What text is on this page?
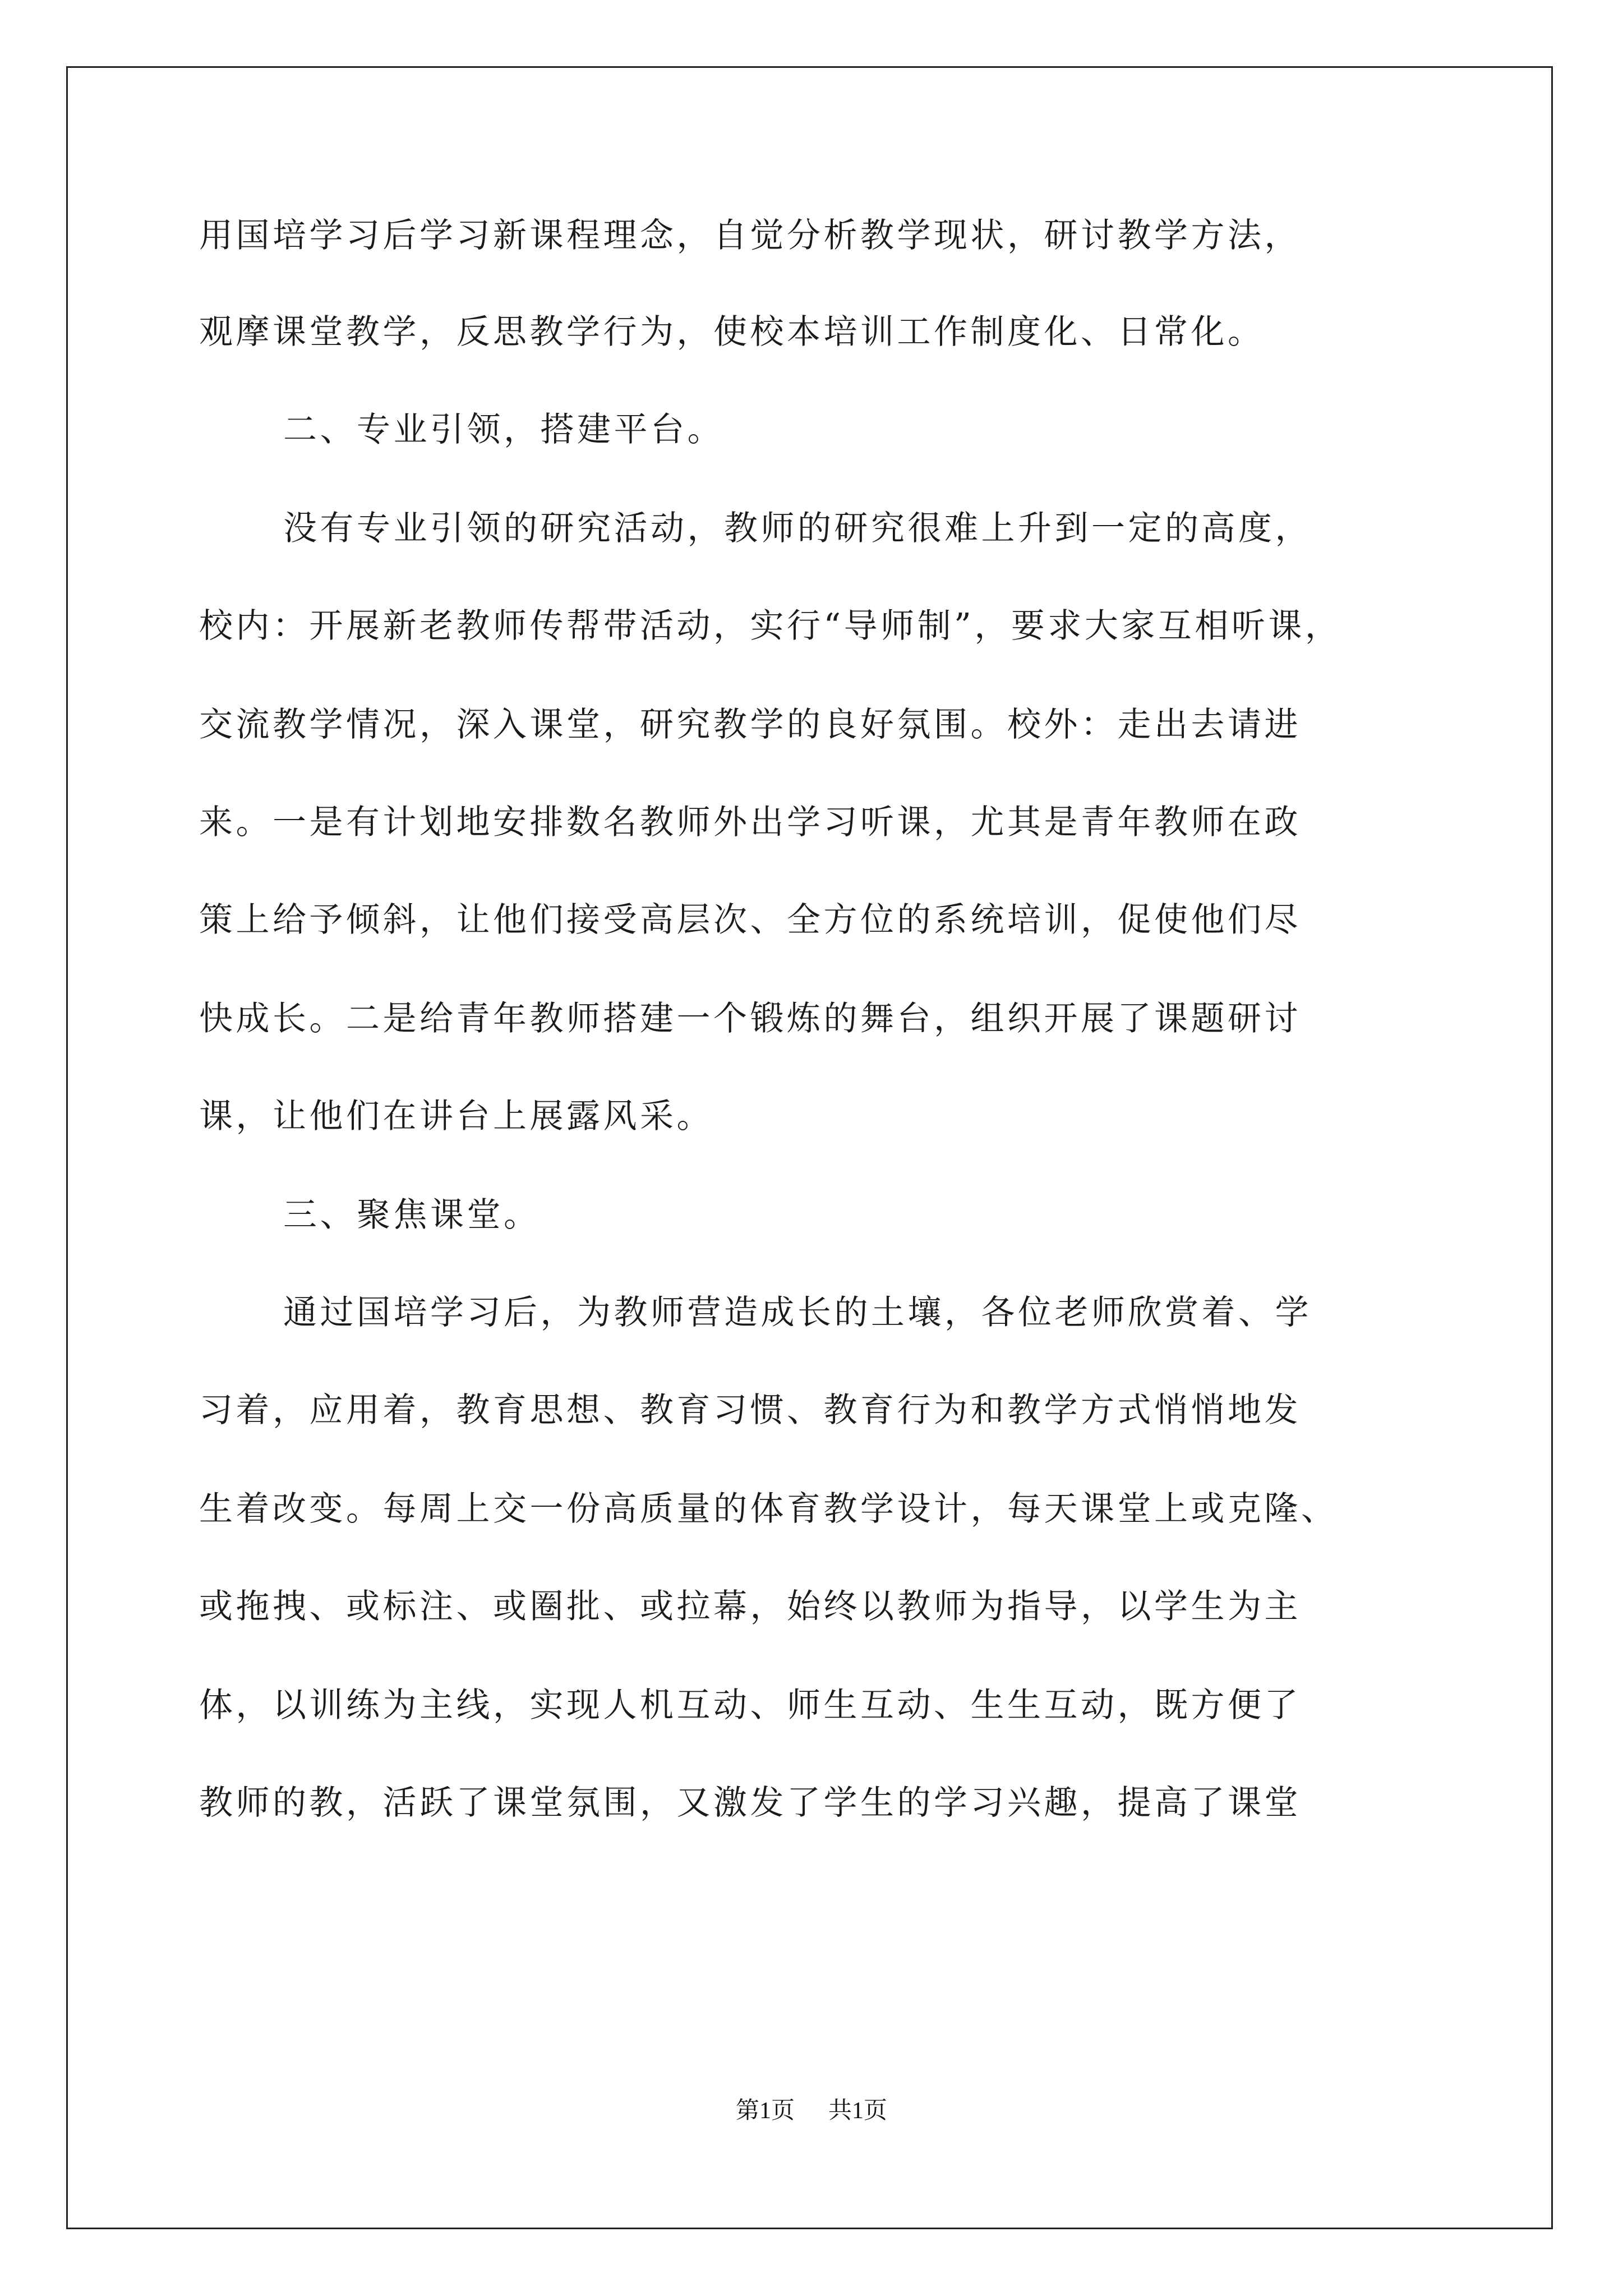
用国培学习后学习新课程理念，自觉分析教学现状，研讨教学方法，
观摩课堂教学，反思教学行为，使校本培训工作制度化、日常化。
二、专业引领，搭建平台。
没有专业引领的研究活动，教师的研究很难上升到一定的高度，
校内：开展新老教师传帮带活动，实行“导师制”，要求大家互相听课，
交流教学情况，深入课堂，研究教学的良好氛围。校外：走出去请进
来。一是有计划地安排数名教师外出学习听课，尤其是青年教师在政
策上给予倾斜，让他们接受高层次、全方位的系统培训，促使他们尽
快成长。二是给青年教师搭建一个锻炼的舞台，组织开展了课题研讨
课，让他们在讲台上展露风采。
三、聚焦课堂。
通过国培学习后，为教师营造成长的土壤，各位老师欣赏着、学
习着，应用着，教育思想、教育习惯、教育行为和教学方式悄悄地发
生着改变。每周上交一份高质量的体育教学设计，每天课堂上或克隆、
或拖拽、或标注、或圈批、或拉幕，始终以教师为指导，以学生为主
体，以训练为主线，实现人机互动、师生互动、生生互动，既方便了
教师的教，活跃了课堂氛围，又激发了学生的学习兴趣，提高了课堂
第1页 共1页
